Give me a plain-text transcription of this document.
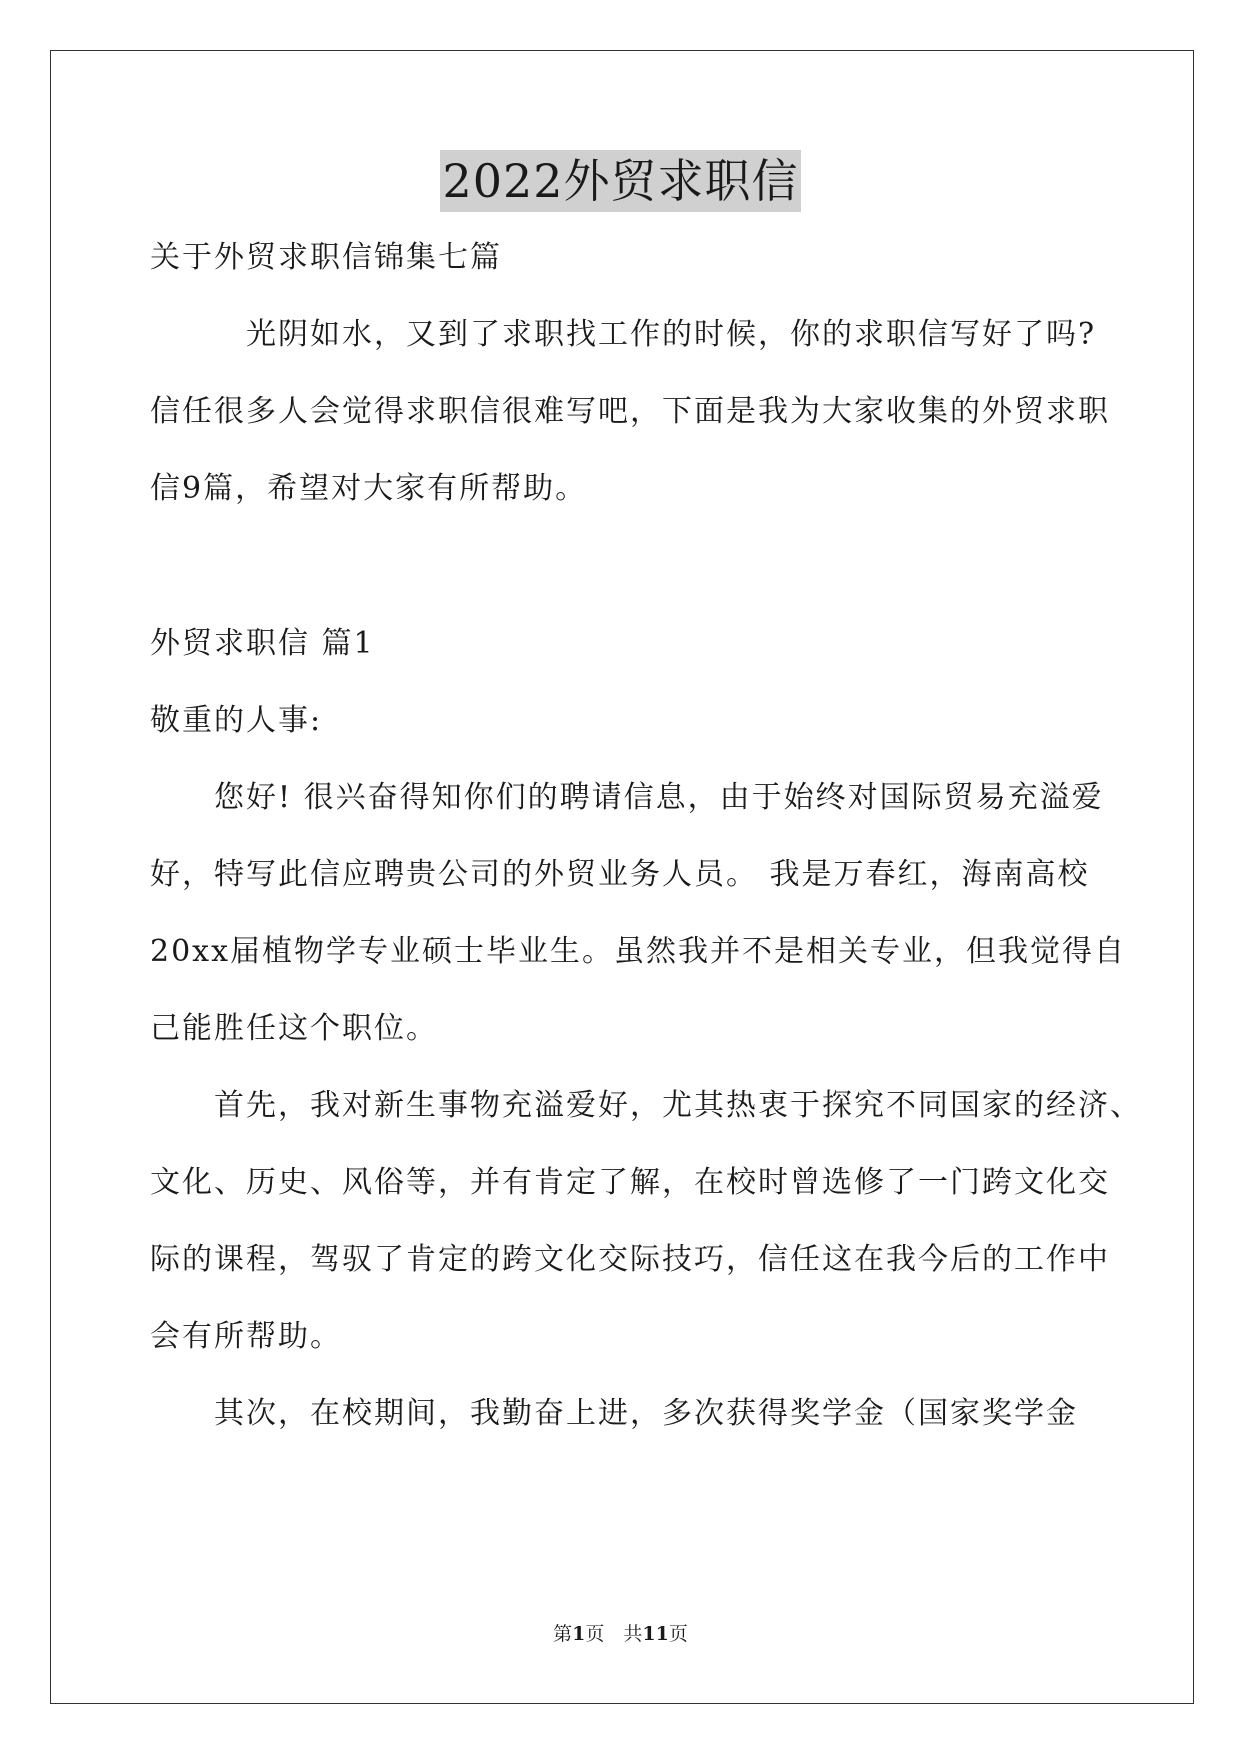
2022外贸求职信
关于外贸求职信锦集七篇
　　　光阴如水，又到了求职找工作的时候，你的求职信写好了吗?
信任很多人会觉得求职信很难写吧，下面是我为大家收集的外贸求职
信9篇，希望对大家有所帮助。
外贸求职信 篇1
敬重的人事:
　　您好! 很兴奋得知你们的聘请信息，由于始终对国际贸易充溢爱
好，特写此信应聘贵公司的外贸业务人员。 我是万春红，海南高校
20xx届植物学专业硕士毕业生。虽然我并不是相关专业，但我觉得自
己能胜任这个职位。
　　首先，我对新生事物充溢爱好，尤其热衷于探究不同国家的经济、
文化、历史、风俗等，并有肯定了解，在校时曾选修了一门跨文化交
际的课程，驾驭了肯定的跨文化交际技巧，信任这在我今后的工作中
会有所帮助。
　　其次，在校期间，我勤奋上进，多次获得奖学金（国家奖学金
第1页　共11页
